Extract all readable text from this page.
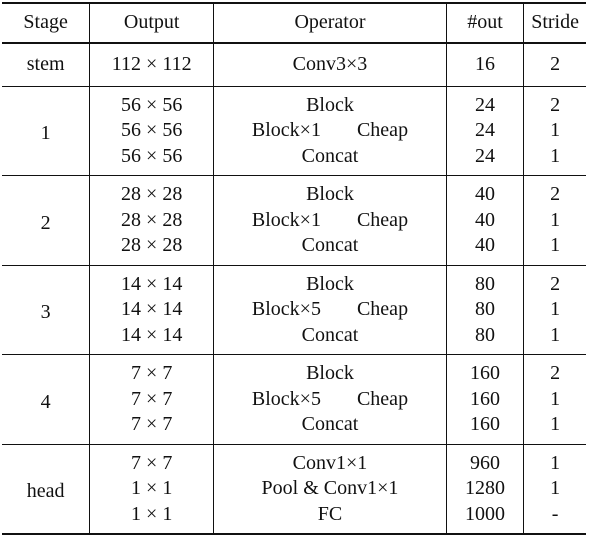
Stage	Output	Operator	#out	Stride
stem	112 × 112	Conv3×3	16	2
1	56 × 56	Block	24	2
	56 × 56	Block×1 Cheap	24	1
	56 × 56	Concat	24	1
2	28 × 28	Block	40	2
	28 × 28	Block×1 Cheap	40	1
	28 × 28	Concat	40	1
3	14 × 14	Block	80	2
	14 × 14	Block×5 Cheap	80	1
	14 × 14	Concat	80	1
4	7 × 7	Block	160	2
	7 × 7	Block×5 Cheap	160	1
	7 × 7	Concat	160	1
head	7 × 7	Conv1×1	960	1
	1 × 1	Pool & Conv1×1	1280	1
	1 × 1	FC	1000	-
